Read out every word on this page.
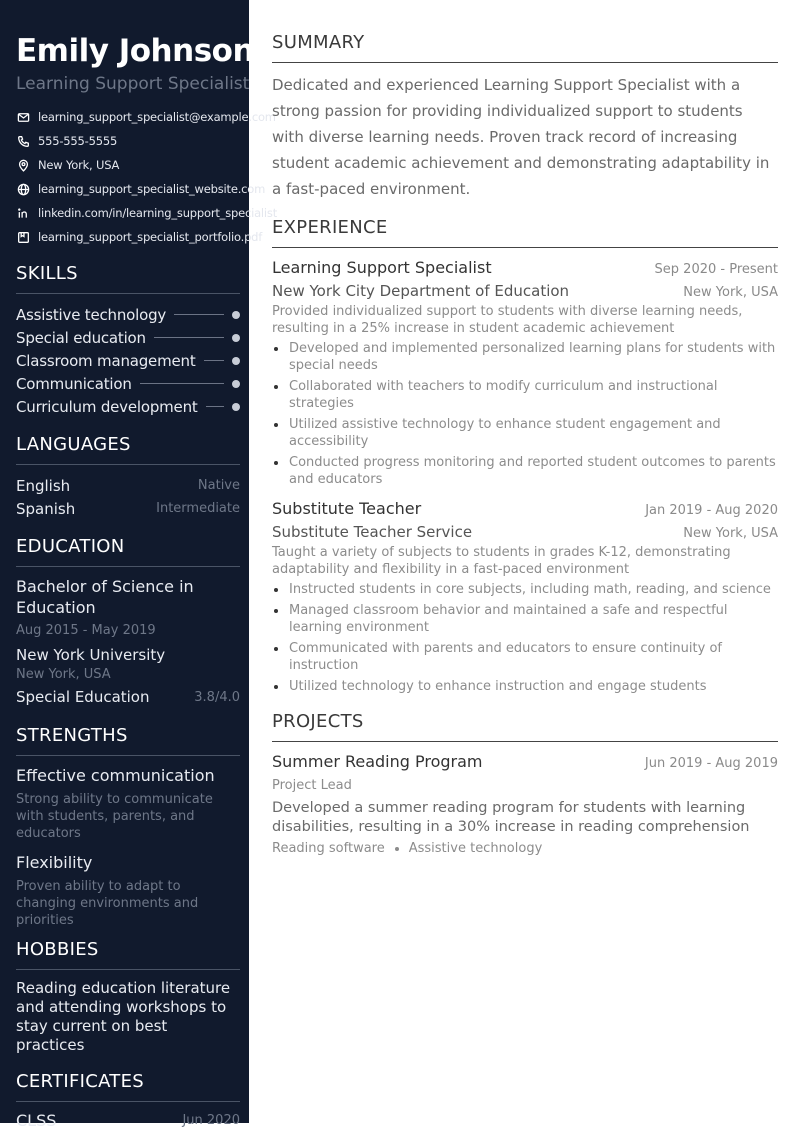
Emily Johnson
Learning Support Specialist
learning_support_specialist@example.com
555-555-5555
New York, USA
learning_support_specialist_website.com
linkedin.com/in/learning_support_specialist
learning_support_specialist_portfolio.pdf
SKILLS
Assistive technology
Special education
Classroom management
Communication
Curriculum development
LANGUAGES
English	Native
Spanish	Intermediate
EDUCATION
Bachelor of Science in Education
Aug 2015 - May 2019
New York University
New York, USA
Special Education	3.8/4.0
STRENGTHS
Effective communication
Strong ability to communicate with students, parents, and educators
Flexibility
Proven ability to adapt to changing environments and priorities
HOBBIES
Reading education literature and attending workshops to stay current on best practices
CERTIFICATES
CLSS	Jun 2020
SUMMARY
Dedicated and experienced Learning Support Specialist with a strong passion for providing individualized support to students with diverse learning needs. Proven track record of increasing student academic achievement and demonstrating adaptability in a fast-paced environment.
EXPERIENCE
Learning Support Specialist	Sep 2020 - Present
New York City Department of Education	New York, USA
Provided individualized support to students with diverse learning needs, resulting in a 25% increase in student academic achievement
Developed and implemented personalized learning plans for students with special needs
Collaborated with teachers to modify curriculum and instructional strategies
Utilized assistive technology to enhance student engagement and accessibility
Conducted progress monitoring and reported student outcomes to parents and educators
Substitute Teacher	Jan 2019 - Aug 2020
Substitute Teacher Service	New York, USA
Taught a variety of subjects to students in grades K-12, demonstrating adaptability and flexibility in a fast-paced environment
Instructed students in core subjects, including math, reading, and science
Managed classroom behavior and maintained a safe and respectful learning environment
Communicated with parents and educators to ensure continuity of instruction
Utilized technology to enhance instruction and engage students
PROJECTS
Summer Reading Program	Jun 2019 - Aug 2019
Project Lead
Developed a summer reading program for students with learning disabilities, resulting in a 30% increase in reading comprehension
Reading software Assistive technology
